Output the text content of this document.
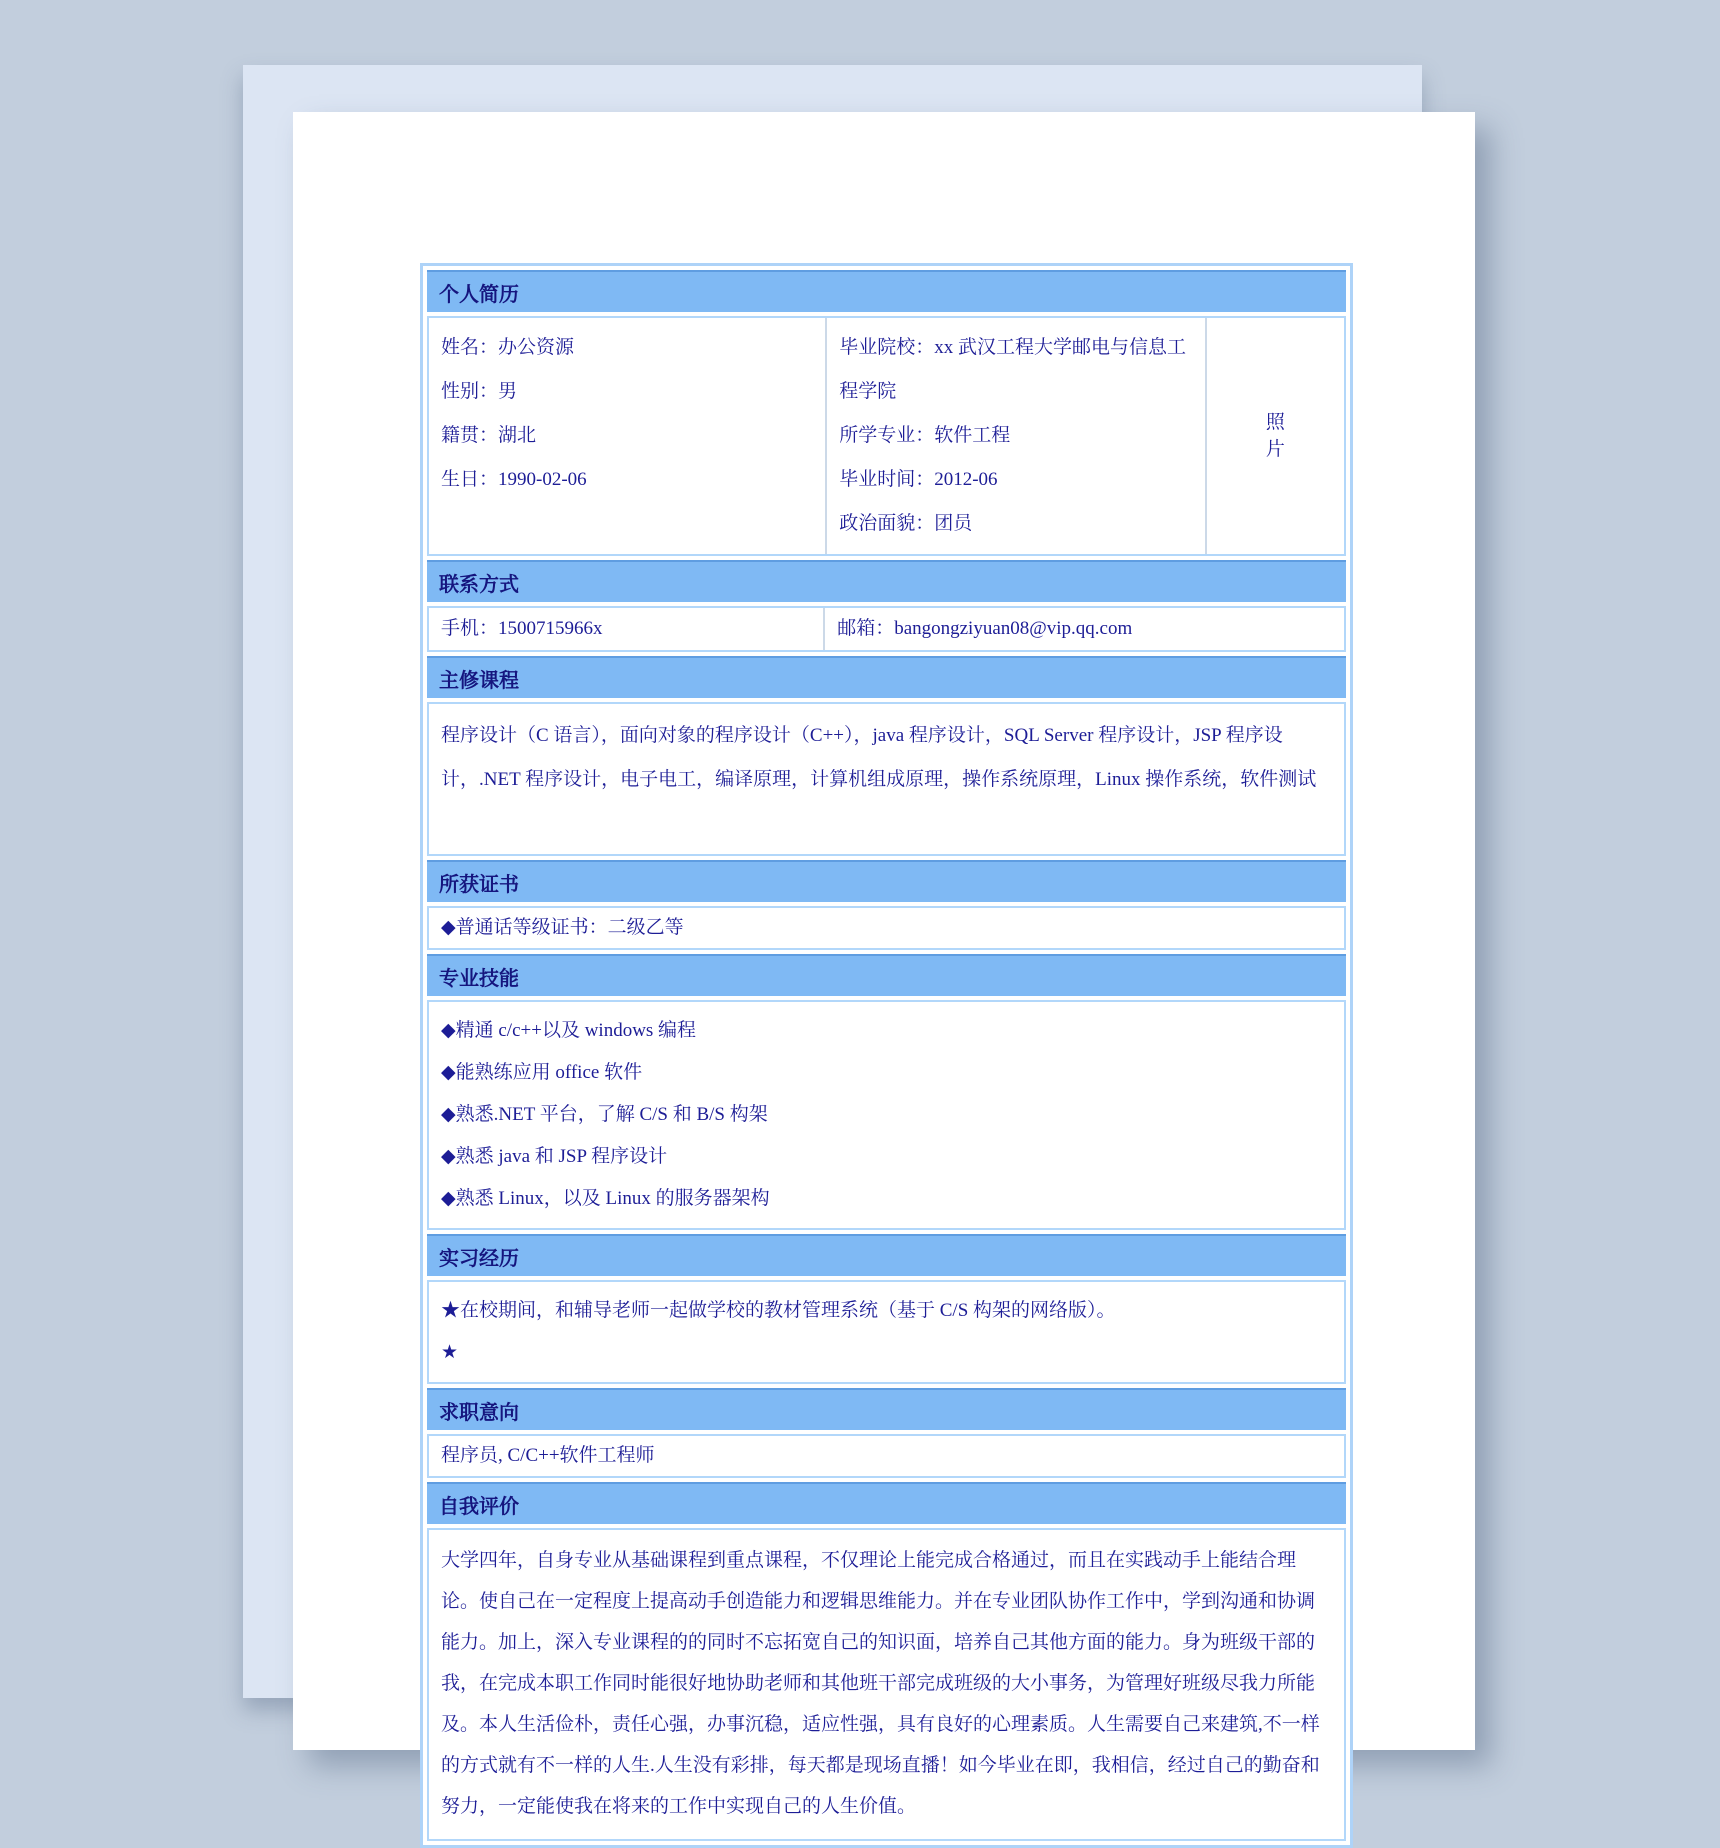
个人简历
姓名：办公资源
性别：男
籍贯：湖北
生日：1990-02-06
毕业院校：xx 武汉工程大学邮电与信息工程学院
所学专业：软件工程
毕业时间：2012-06
政治面貌：团员
照片
联系方式
手机：1500715966x	邮箱：bangongziyuan08@vip.qq.com
主修课程
程序设计（C 语言），面向对象的程序设计（C++），java 程序设计，SQL Server 程序设计，JSP 程序设计，.NET 程序设计，电子电工，编译原理，计算机组成原理，操作系统原理，Linux 操作系统，软件测试
所获证书
◆普通话等级证书：二级乙等
专业技能
◆精通 c/c++以及 windows 编程
◆能熟练应用 office 软件
◆熟悉.NET 平台，了解 C/S 和 B/S 构架
◆熟悉 java 和 JSP 程序设计
◆熟悉 Linux，以及 Linux 的服务器架构
实习经历
★在校期间，和辅导老师一起做学校的教材管理系统（基于 C/S 构架的网络版）。
★
求职意向
程序员, C/C++软件工程师
自我评价
大学四年，自身专业从基础课程到重点课程，不仅理论上能完成合格通过，而且在实践动手上能结合理论。使自己在一定程度上提高动手创造能力和逻辑思维能力。并在专业团队协作工作中，学到沟通和协调能力。加上，深入专业课程的的同时不忘拓宽自己的知识面，培养自己其他方面的能力。身为班级干部的我，在完成本职工作同时能很好地协助老师和其他班干部完成班级的大小事务，为管理好班级尽我力所能及。本人生活俭朴，责任心强，办事沉稳，适应性强，具有良好的心理素质。人生需要自己来建筑,不一样的方式就有不一样的人生.人生没有彩排，每天都是现场直播！如今毕业在即，我相信，经过自己的勤奋和努力，一定能使我在将来的工作中实现自己的人生价值。
